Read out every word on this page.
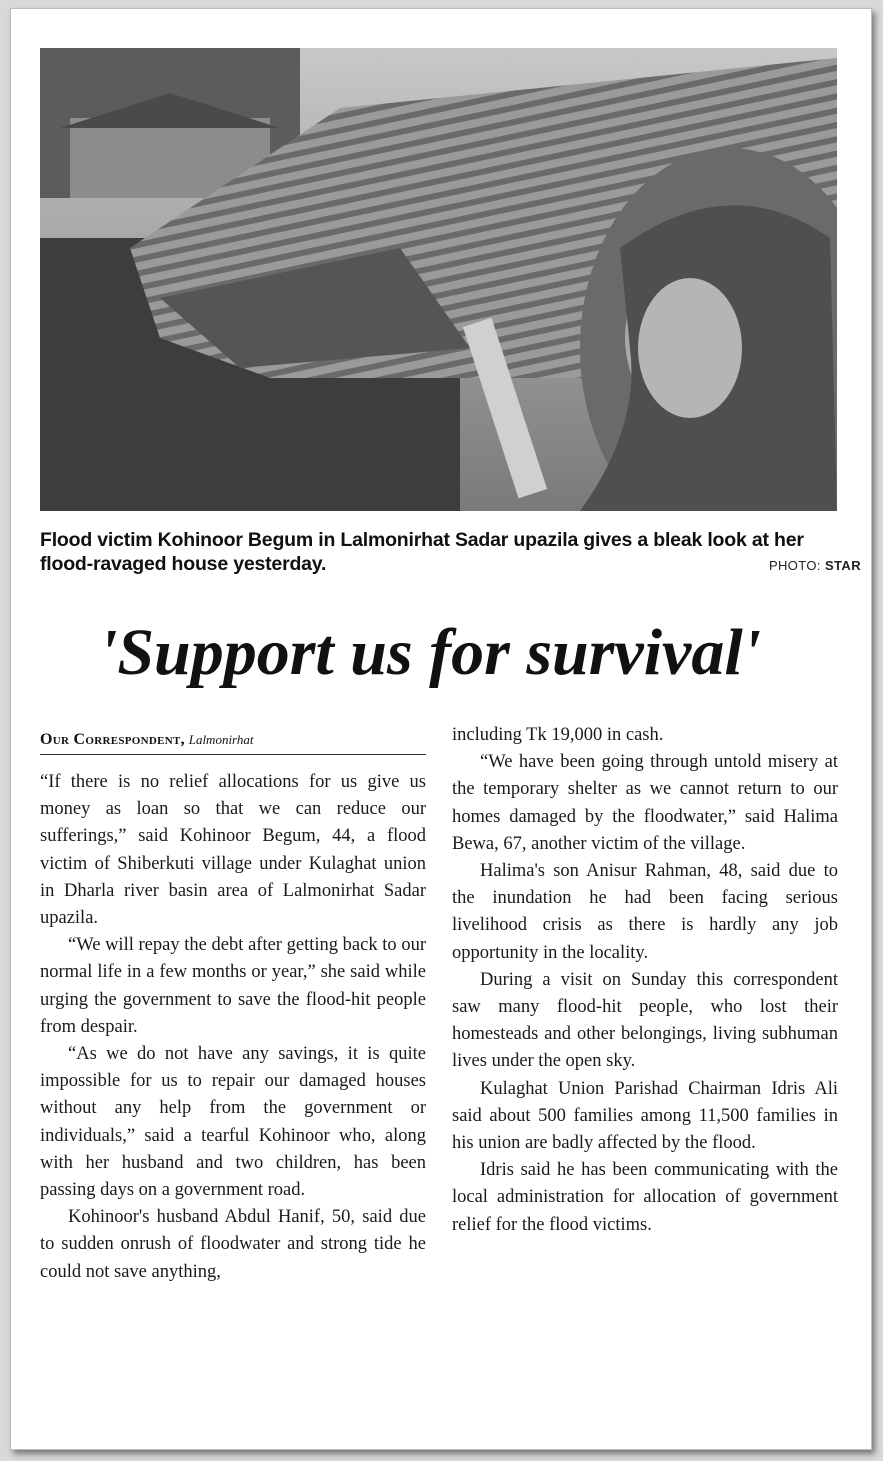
Flood victim Kohinoor Begum in Lalmonirhat Sadar upazila gives a bleak look at her flood-ravaged house yesterday.	PHOTO: STAR
'Support us for survival'
Our Correspondent, Lalmonirhat

“If there is no relief allocations for us give us money as loan so that we can reduce our sufferings,” said Kohinoor Begum, 44, a flood victim of Shiberkuti village under Kulaghat union in Dharla river basin area of Lalmonirhat Sadar upazila.

“We will repay the debt after getting back to our normal life in a few months or year,” she said while urging the government to save the flood-hit people from despair.

“As we do not have any savings, it is quite impossible for us to repair our damaged houses without any help from the government or individuals,” said a tearful Kohinoor who, along with her husband and two children, has been passing days on a government road.

Kohinoor's husband Abdul Hanif, 50, said due to sudden onrush of floodwater and strong tide he could not save anything,

including Tk 19,000 in cash.

“We have been going through untold misery at the temporary shelter as we cannot return to our homes damaged by the floodwater,” said Halima Bewa, 67, another victim of the village.

Halima's son Anisur Rahman, 48, said due to the inundation he had been facing serious livelihood crisis as there is hardly any job opportunity in the locality.

During a visit on Sunday this correspondent saw many flood-hit people, who lost their homesteads and other belongings, living subhuman lives under the open sky.

Kulaghat Union Parishad Chairman Idris Ali said about 500 families among 11,500 families in his union are badly affected by the flood.

Idris said he has been communicating with the local administration for allocation of government relief for the flood victims.
